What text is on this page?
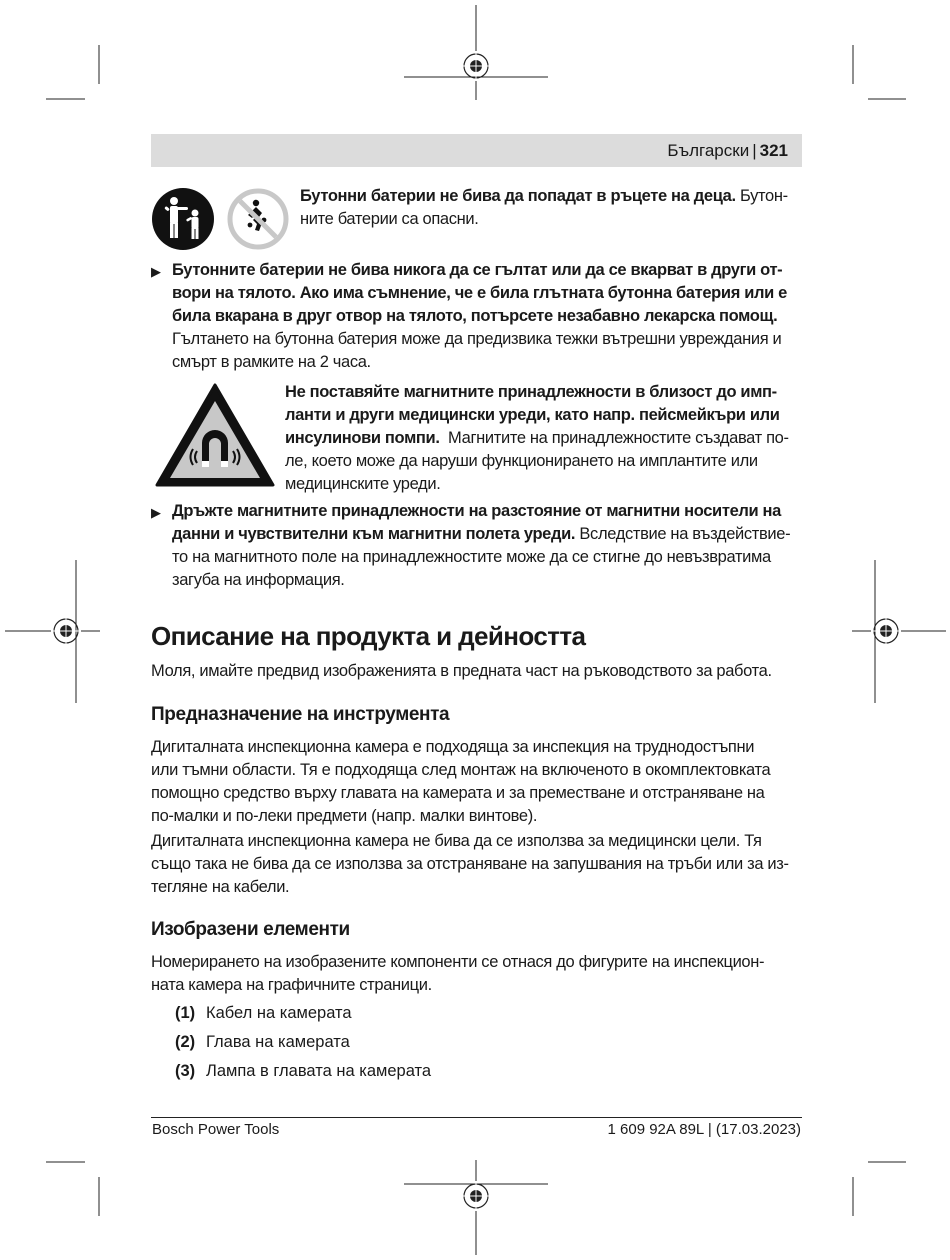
Български | 321
Бутонни батерии не бива да попадат в ръцете на деца. Бутон-
ните батерии са опасни.
▶ Бутонните батерии не бива никога да се гълтат или да се вкарват в други от-
вори на тялото. Ако има съмнение, че е била глътната бутонна батерия или е
била вкарана в друг отвор на тялото, потърсете незабавно лекарска помощ.
Гълтането на бутонна батерия може да предизвика тежки вътрешни увреждания и
смърт в рамките на 2 часа.
Не поставяйте магнитните принадлежности в близост до имп-
ланти и други медицински уреди, като напр. пейсмейкъри или
инсулинови помпи. Магнитите на принадлежностите създават по-
ле, което може да наруши функционирането на имплантите или
медицинските уреди.
▶ Дръжте магнитните принадлежности на разстояние от магнитни носители на
данни и чувствителни към магнитни полета уреди. Вследствие на въздействие-
то на магнитното поле на принадлежностите може да се стигне до невъзвратима
загуба на информация.
Описание на продукта и дейността
Моля, имайте предвид изображенията в предната част на ръководството за работа.
Предназначение на инструмента
Дигиталната инспекционна камера е подходяща за инспекция на труднодостъпни
или тъмни области. Тя е подходяща след монтаж на включеното в окомплектовката
помощно средство върху главата на камерата и за преместване и отстраняване на
по-малки и по-леки предмети (напр. малки винтове).
Дигиталната инспекционна камера не бива да се използва за медицински цели. Тя
също така не бива да се използва за отстраняване на запушвания на тръби или за из-
тегляне на кабели.
Изобразени елементи
Номерирането на изобразените компоненти се отнася до фигурите на инспекцион-
ната камера на графичните страници.
(1) Кабел на камерата
(2) Глава на камерата
(3) Лампа в главата на камерата
Bosch Power Tools	1 609 92A 89L | (17.03.2023)
